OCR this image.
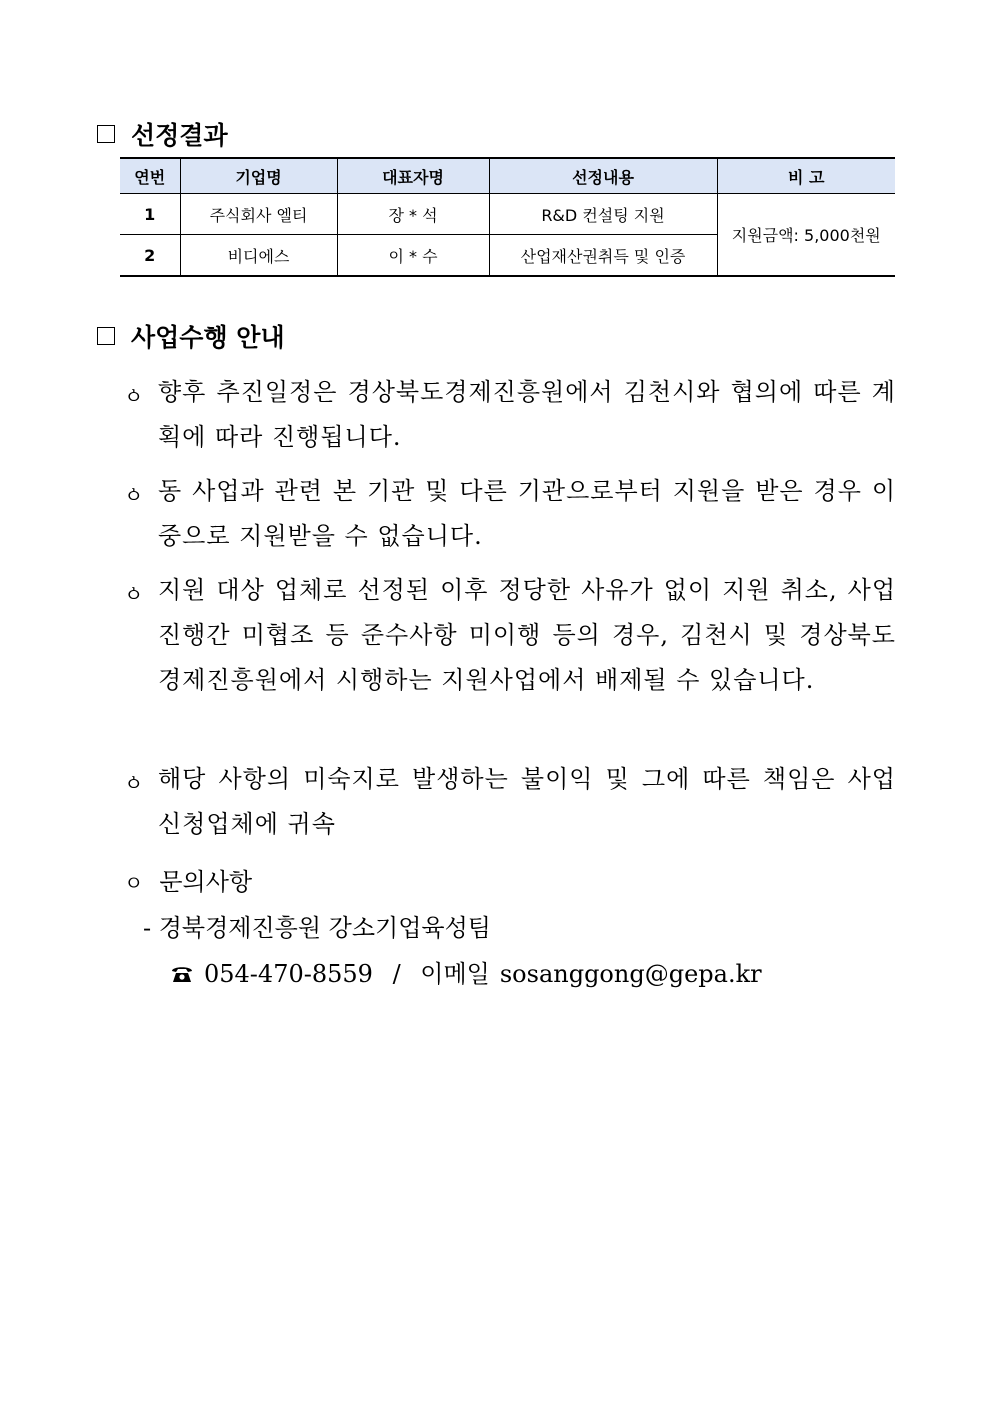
선정결과
연번	기업명	대표자명	선정내용	비 고
1	주식회사 엘티	장 * 석	R&D 컨설팅 지원	지원금액: 5,000천원
2	비디에스	이 * 수	산업재산권취득 및 인증	
사업수행 안내
ㆁ 향후 추진일정은 경상북도경제진흥원에서 김천시와 협의에 따른 계획에 따라 진행됩니다.
ㆁ 동 사업과 관련 본 기관 및 다른 기관으로부터 지원을 받은 경우 이중으로 지원받을 수 없습니다.
ㆁ 지원 대상 업체로 선정된 이후 정당한 사유가 없이 지원 취소, 사업 진행간 미협조 등 준수사항 미이행 등의 경우, 김천시 및 경상북도경제진흥원에서 시행하는 지원사업에서 배제될 수 있습니다.
ㆁ 해당 사항의 미숙지로 발생하는 불이익 및 그에 따른 책임은 사업 신청업체에 귀속
ㅇ 문의사항
- 경북경제진흥원 강소기업육성팀
054-470-8559 / 이메일 sosanggong@gepa.kr
